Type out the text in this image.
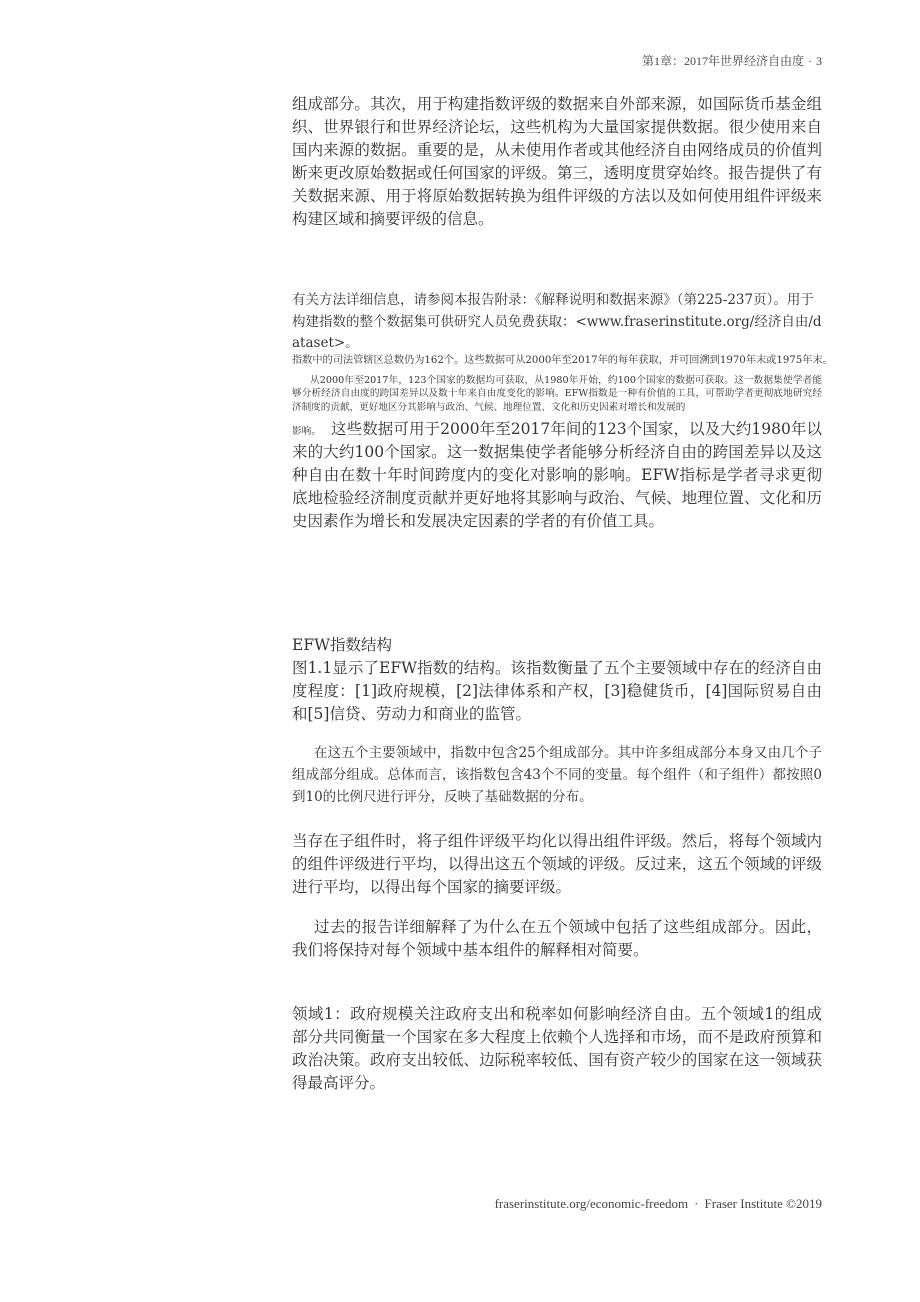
第1章：2017年世界经济自由度 · 3

组成部分。其次，用于构建指数评级的数据来自外部来源，如国际货币基金组织、世界银行和世界经济论坛，这些机构为大量国家提供数据。很少使用来自国内来源的数据。重要的是，从未使用作者或其他经济自由网络成员的价值判断来更改原始数据或任何国家的评级。第三，透明度贯穿始终。报告提供了有关数据来源、用于将原始数据转换为组件评级的方法以及如何使用组件评级来构建区域和摘要评级的信息。

有关方法详细信息，请参阅本报告附录：《解释说明和数据来源》（第225-237页）。用于构建指数的整个数据集可供研究人员免费获取：<www.fraserinstitute.org/经济自由/dataset>。

指数中的司法管辖区总数仍为162个。这些数据可从2000年至2017年的每年获取，并可回溯到1970年末或1975年末。

从2000年至2017年，123个国家的数据均可获取，从1980年开始，约100个国家的数据可获取。这一数据集使学者能够分析经济自由度的跨国差异以及数十年来自由度变化的影响。EFW指数是一种有价值的工具，可帮助学者更彻底地研究经济制度的贡献，更好地区分其影响与政治、气候、地理位置、文化和历史因素对增长和发展的

影响。 这些数据可用于2000年至2017年间的123个国家，以及大约1980年以来的大约100个国家。这一数据集使学者能够分析经济自由的跨国差异以及这种自由在数十年时间跨度内的变化对影响的影响。EFW指标是学者寻求更彻底地检验经济制度贡献并更好地将其影响与政治、气候、地理位置、文化和历史因素作为增长和发展决定因素的学者的有价值工具。

EFW指数结构

图1.1显示了EFW指数的结构。该指数衡量了五个主要领域中存在的经济自由度程度：[1]政府规模，[2]法律体系和产权，[3]稳健货币，[4]国际贸易自由和[5]信贷、劳动力和商业的监管。

在这五个主要领域中，指数中包含25个组成部分。其中许多组成部分本身又由几个子组成部分组成。总体而言，该指数包含43个不同的变量。每个组件（和子组件）都按照0到10的比例尺进行评分，反映了基础数据的分布。

当存在子组件时，将子组件评级平均化以得出组件评级。然后，将每个领域内的组件评级进行平均，以得出这五个领域的评级。反过来，这五个领域的评级进行平均，以得出每个国家的摘要评级。

过去的报告详细解释了为什么在五个领域中包括了这些组成部分。因此，我们将保持对每个领域中基本组件的解释相对简要。

领域1：政府规模关注政府支出和税率如何影响经济自由。五个领域1的组成部分共同衡量一个国家在多大程度上依赖个人选择和市场，而不是政府预算和政治决策。政府支出较低、边际税率较低、国有资产较少的国家在这一领域获得最高评分。

fraserinstitute.org/economic-freedom · Fraser Institute ©2019
